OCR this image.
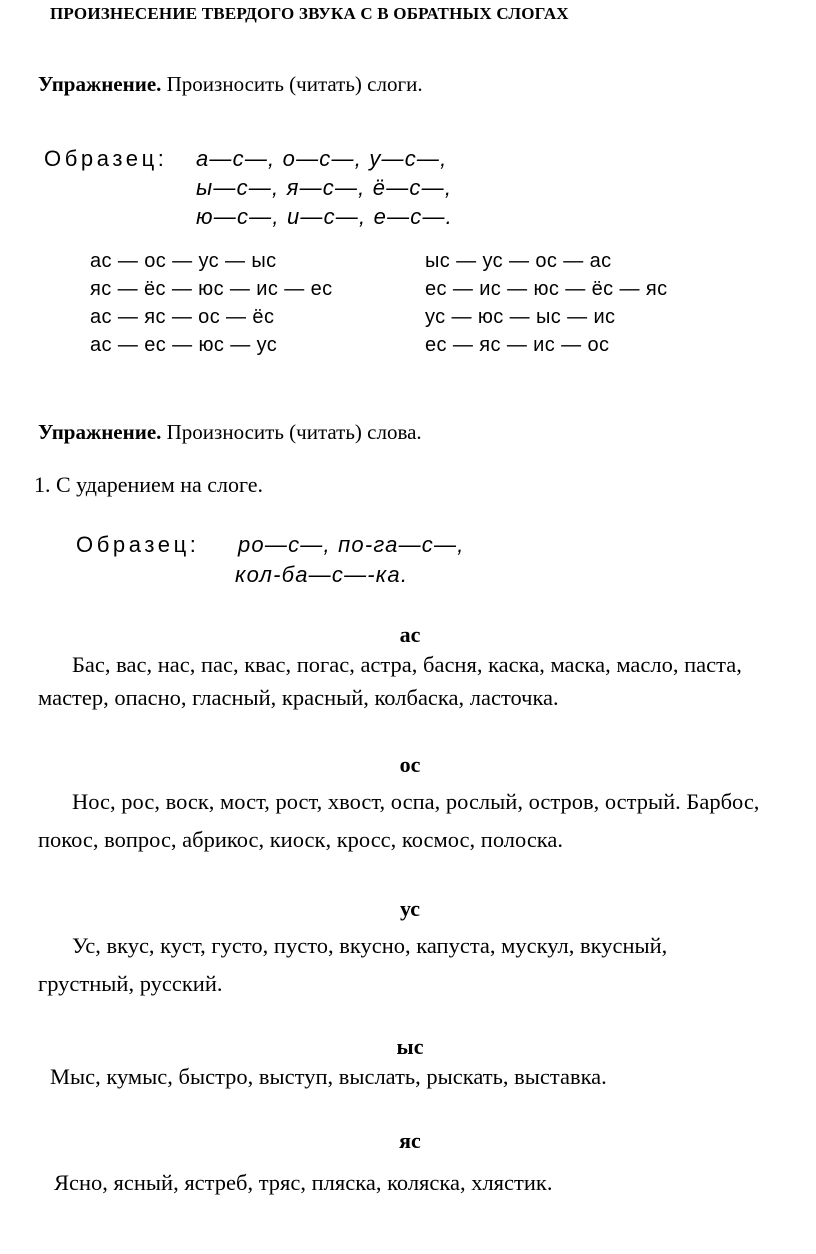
ПРОИЗНЕСЕНИЕ ТВЕРДОГО ЗВУКА С В ОБРАТНЫХ СЛОГАХ
Упражнение. Произносить (читать) слоги.
Образец: а—с—, о—с—, у—с—,
ы—с—, я—с—, ё—с—,
ю—с—, и—с—, е—с—.
ас — ос — ус — ыс
яс — ёс — юс — ис — ес
ас — яс — ос — ёс
ас — ес — юс — ус
ыс — ус — ос — ас
ес — ис — юс — ёс — яс
ус — юс — ыс — ис
ес — яс — ис — ос
Упражнение. Произносить (читать) слова.
1. С ударением на слоге.
Образец: ро—с—, по-га—с—,
кол-ба—с—-ка.
ас
Бас, вас, нас, пас, квас, погас, астра, басня, каска, маска, масло, паста, мастер, опасно, гласный, красный, колбаска, ласточка.
ос
Нос, рос, воск, мост, рост, хвост, оспа, рослый, остров, острый. Барбос, покос, вопрос, абрикос, киоск, кросс, космос, полоска.
ус
Ус, вкус, куст, густо, пусто, вкусно, капуста, мускул, вкусный, грустный, русский.
ыс
Мыс, кумыс, быстро, выступ, выслать, рыскать, выставка.
яс
Ясно, ясный, ястреб, тряс, пляска, коляска, хлястик.
